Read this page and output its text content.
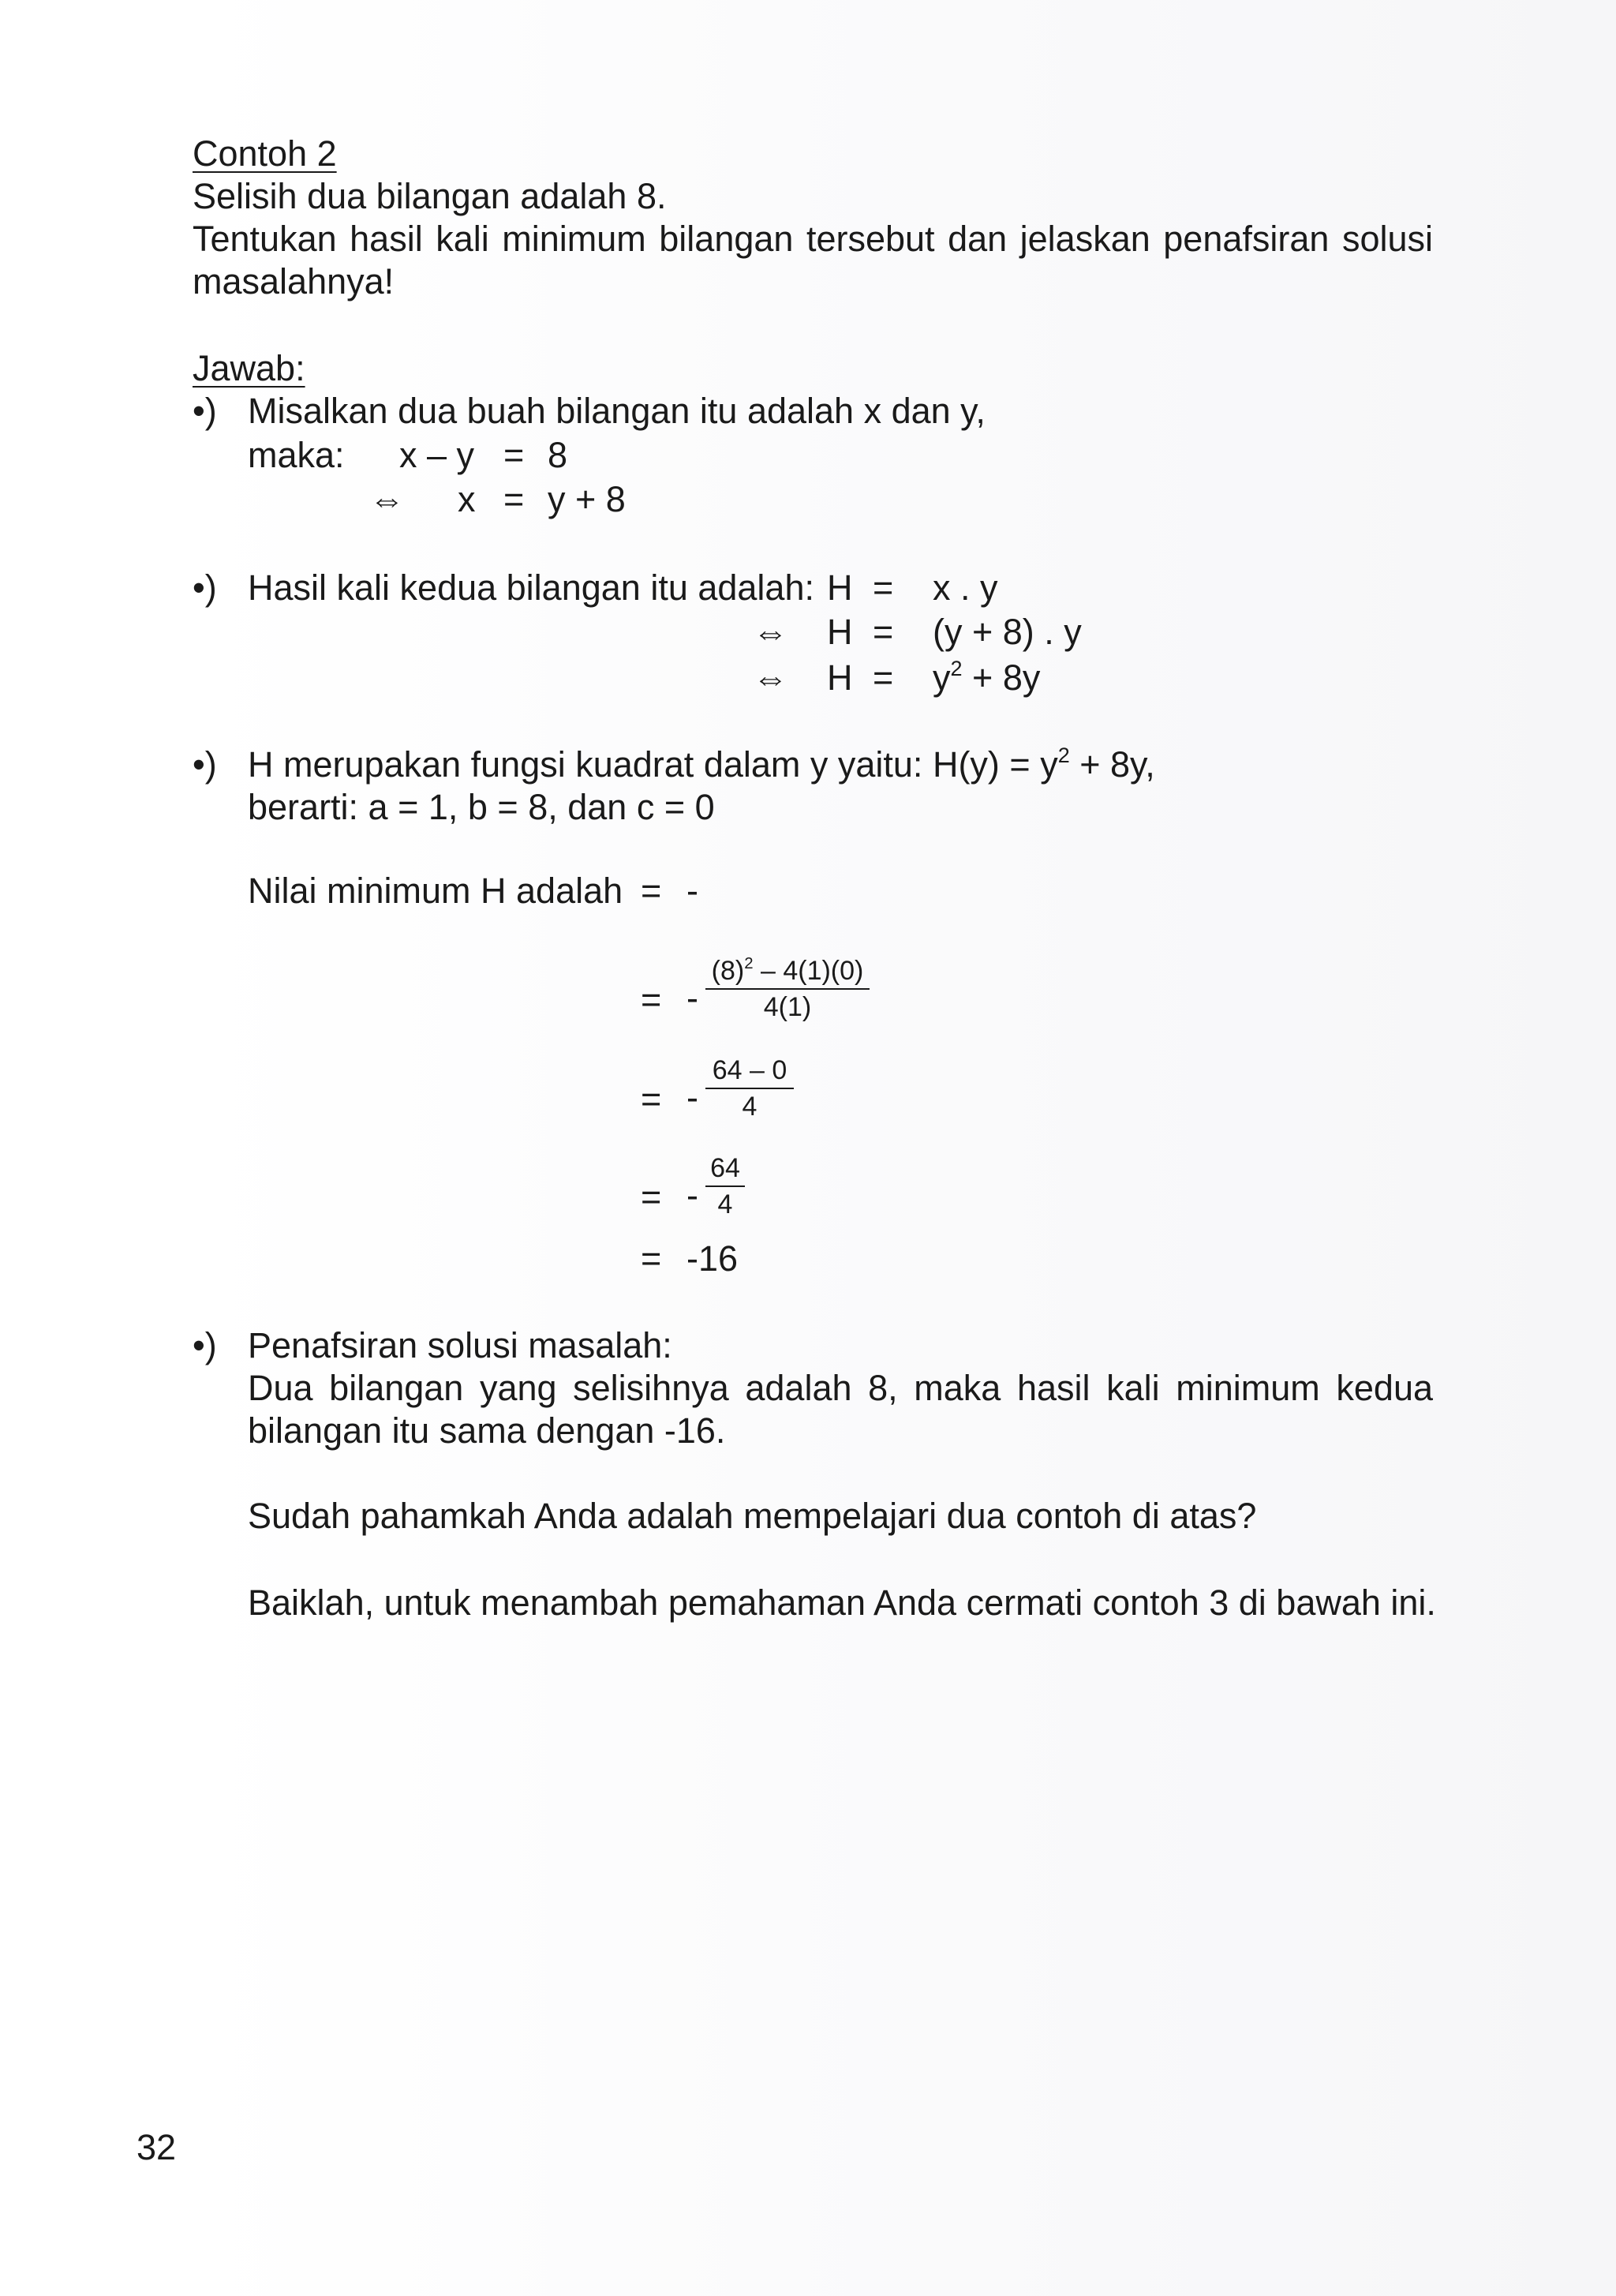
Contoh 2
Selisih dua bilangan adalah 8.
Tentukan hasil kali minimum bilangan tersebut dan jelaskan penafsiran solusi masalahnya!
Jawab:
•) Misalkan dua buah bilangan itu adalah x dan y,
maka: x – y = 8
⇔ x = y + 8
•) Hasil kali kedua bilangan itu adalah: H = x . y
⇔ H = (y + 8) . y
⇔ $H = y^2 + 8y$
•) H merupakan fungsi kuadrat dalam y yaitu: $H(y) = y^2 + 8y$,
berarti: a = 1, b = 8, dan c = 0
Nilai minimum H adalah = -
= -
$(8)^2 - 4(1)(0)$
4(1)
= -
64 – 0
4
= -
64
4
= -16
•) Penafsiran solusi masalah:
Dua bilangan yang selisihnya adalah 8, maka hasil kali minimum kedua bilangan itu sama dengan -16.
Sudah pahamkah Anda adalah mempelajari dua contoh di atas?
Baiklah, untuk menambah pemahaman Anda cermati contoh 3 di bawah ini.
32
